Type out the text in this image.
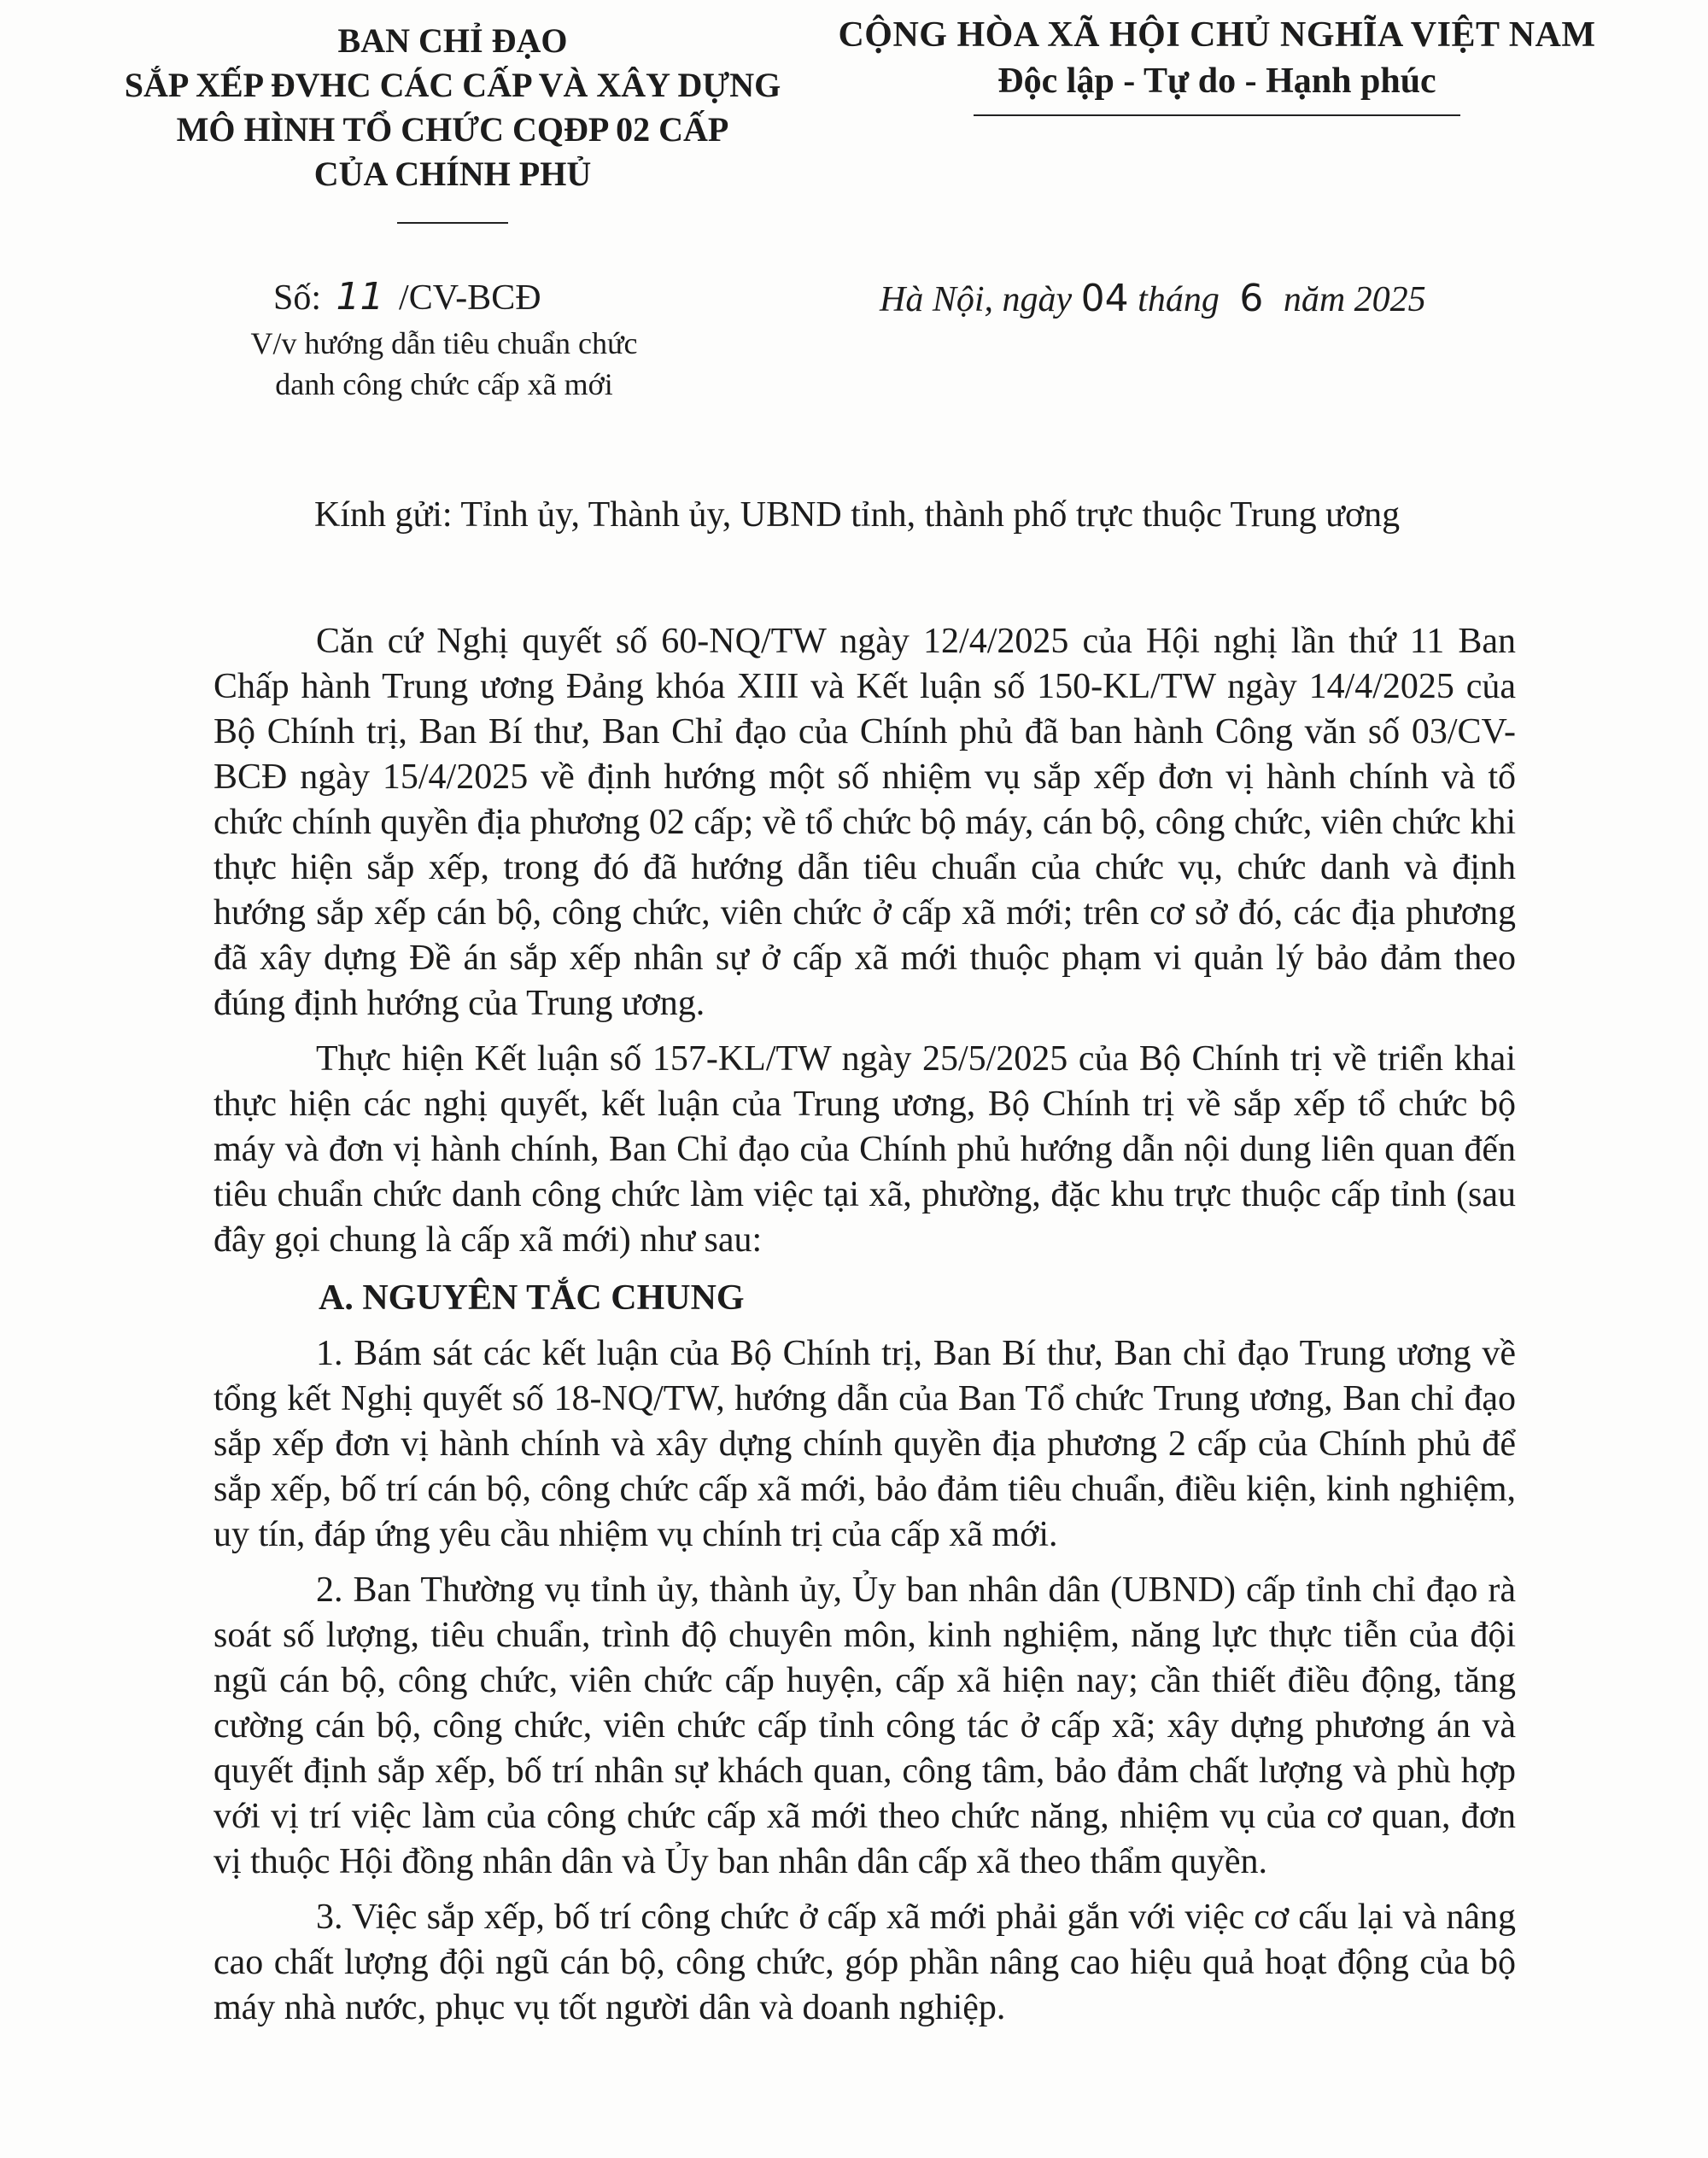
BAN CHỈ ĐẠO
SẮP XẾP ĐVHC CÁC CẤP VÀ XÂY DỰNG
MÔ HÌNH TỔ CHỨC CQĐP 02 CẤP
CỦA CHÍNH PHỦ
CỘNG HÒA XÃ HỘI CHỦ NGHĨA VIỆT NAM
Độc lập - Tự do - Hạnh phúc
Số: 11 /CV-BCĐ
V/v hướng dẫn tiêu chuẩn chức
danh công chức cấp xã mới
Hà Nội, ngày 04 tháng 6 năm 2025
Kính gửi: Tỉnh ủy, Thành ủy, UBND tỉnh, thành phố trực thuộc Trung ương

Căn cứ Nghị quyết số 60-NQ/TW ngày 12/4/2025 của Hội nghị lần thứ 11 Ban Chấp hành Trung ương Đảng khóa XIII và Kết luận số 150-KL/TW ngày 14/4/2025 của Bộ Chính trị, Ban Bí thư, Ban Chỉ đạo của Chính phủ đã ban hành Công văn số 03/CV-BCĐ ngày 15/4/2025 về định hướng một số nhiệm vụ sắp xếp đơn vị hành chính và tổ chức chính quyền địa phương 02 cấp; về tổ chức bộ máy, cán bộ, công chức, viên chức khi thực hiện sắp xếp, trong đó đã hướng dẫn tiêu chuẩn của chức vụ, chức danh và định hướng sắp xếp cán bộ, công chức, viên chức ở cấp xã mới; trên cơ sở đó, các địa phương đã xây dựng Đề án sắp xếp nhân sự ở cấp xã mới thuộc phạm vi quản lý bảo đảm theo đúng định hướng của Trung ương.

Thực hiện Kết luận số 157-KL/TW ngày 25/5/2025 của Bộ Chính trị về triển khai thực hiện các nghị quyết, kết luận của Trung ương, Bộ Chính trị về sắp xếp tổ chức bộ máy và đơn vị hành chính, Ban Chỉ đạo của Chính phủ hướng dẫn nội dung liên quan đến tiêu chuẩn chức danh công chức làm việc tại xã, phường, đặc khu trực thuộc cấp tỉnh (sau đây gọi chung là cấp xã mới) như sau:

A. NGUYÊN TẮC CHUNG

1. Bám sát các kết luận của Bộ Chính trị, Ban Bí thư, Ban chỉ đạo Trung ương về tổng kết Nghị quyết số 18-NQ/TW, hướng dẫn của Ban Tổ chức Trung ương, Ban chỉ đạo sắp xếp đơn vị hành chính và xây dựng chính quyền địa phương 2 cấp của Chính phủ để sắp xếp, bố trí cán bộ, công chức cấp xã mới, bảo đảm tiêu chuẩn, điều kiện, kinh nghiệm, uy tín, đáp ứng yêu cầu nhiệm vụ chính trị của cấp xã mới.

2. Ban Thường vụ tỉnh ủy, thành ủy, Ủy ban nhân dân (UBND) cấp tỉnh chỉ đạo rà soát số lượng, tiêu chuẩn, trình độ chuyên môn, kinh nghiệm, năng lực thực tiễn của đội ngũ cán bộ, công chức, viên chức cấp huyện, cấp xã hiện nay; cần thiết điều động, tăng cường cán bộ, công chức, viên chức cấp tỉnh công tác ở cấp xã; xây dựng phương án và quyết định sắp xếp, bố trí nhân sự khách quan, công tâm, bảo đảm chất lượng và phù hợp với vị trí việc làm của công chức cấp xã mới theo chức năng, nhiệm vụ của cơ quan, đơn vị thuộc Hội đồng nhân dân và Ủy ban nhân dân cấp xã theo thẩm quyền.

3. Việc sắp xếp, bố trí công chức ở cấp xã mới phải gắn với việc cơ cấu lại và nâng cao chất lượng đội ngũ cán bộ, công chức, góp phần nâng cao hiệu quả hoạt động của bộ máy nhà nước, phục vụ tốt người dân và doanh nghiệp.
